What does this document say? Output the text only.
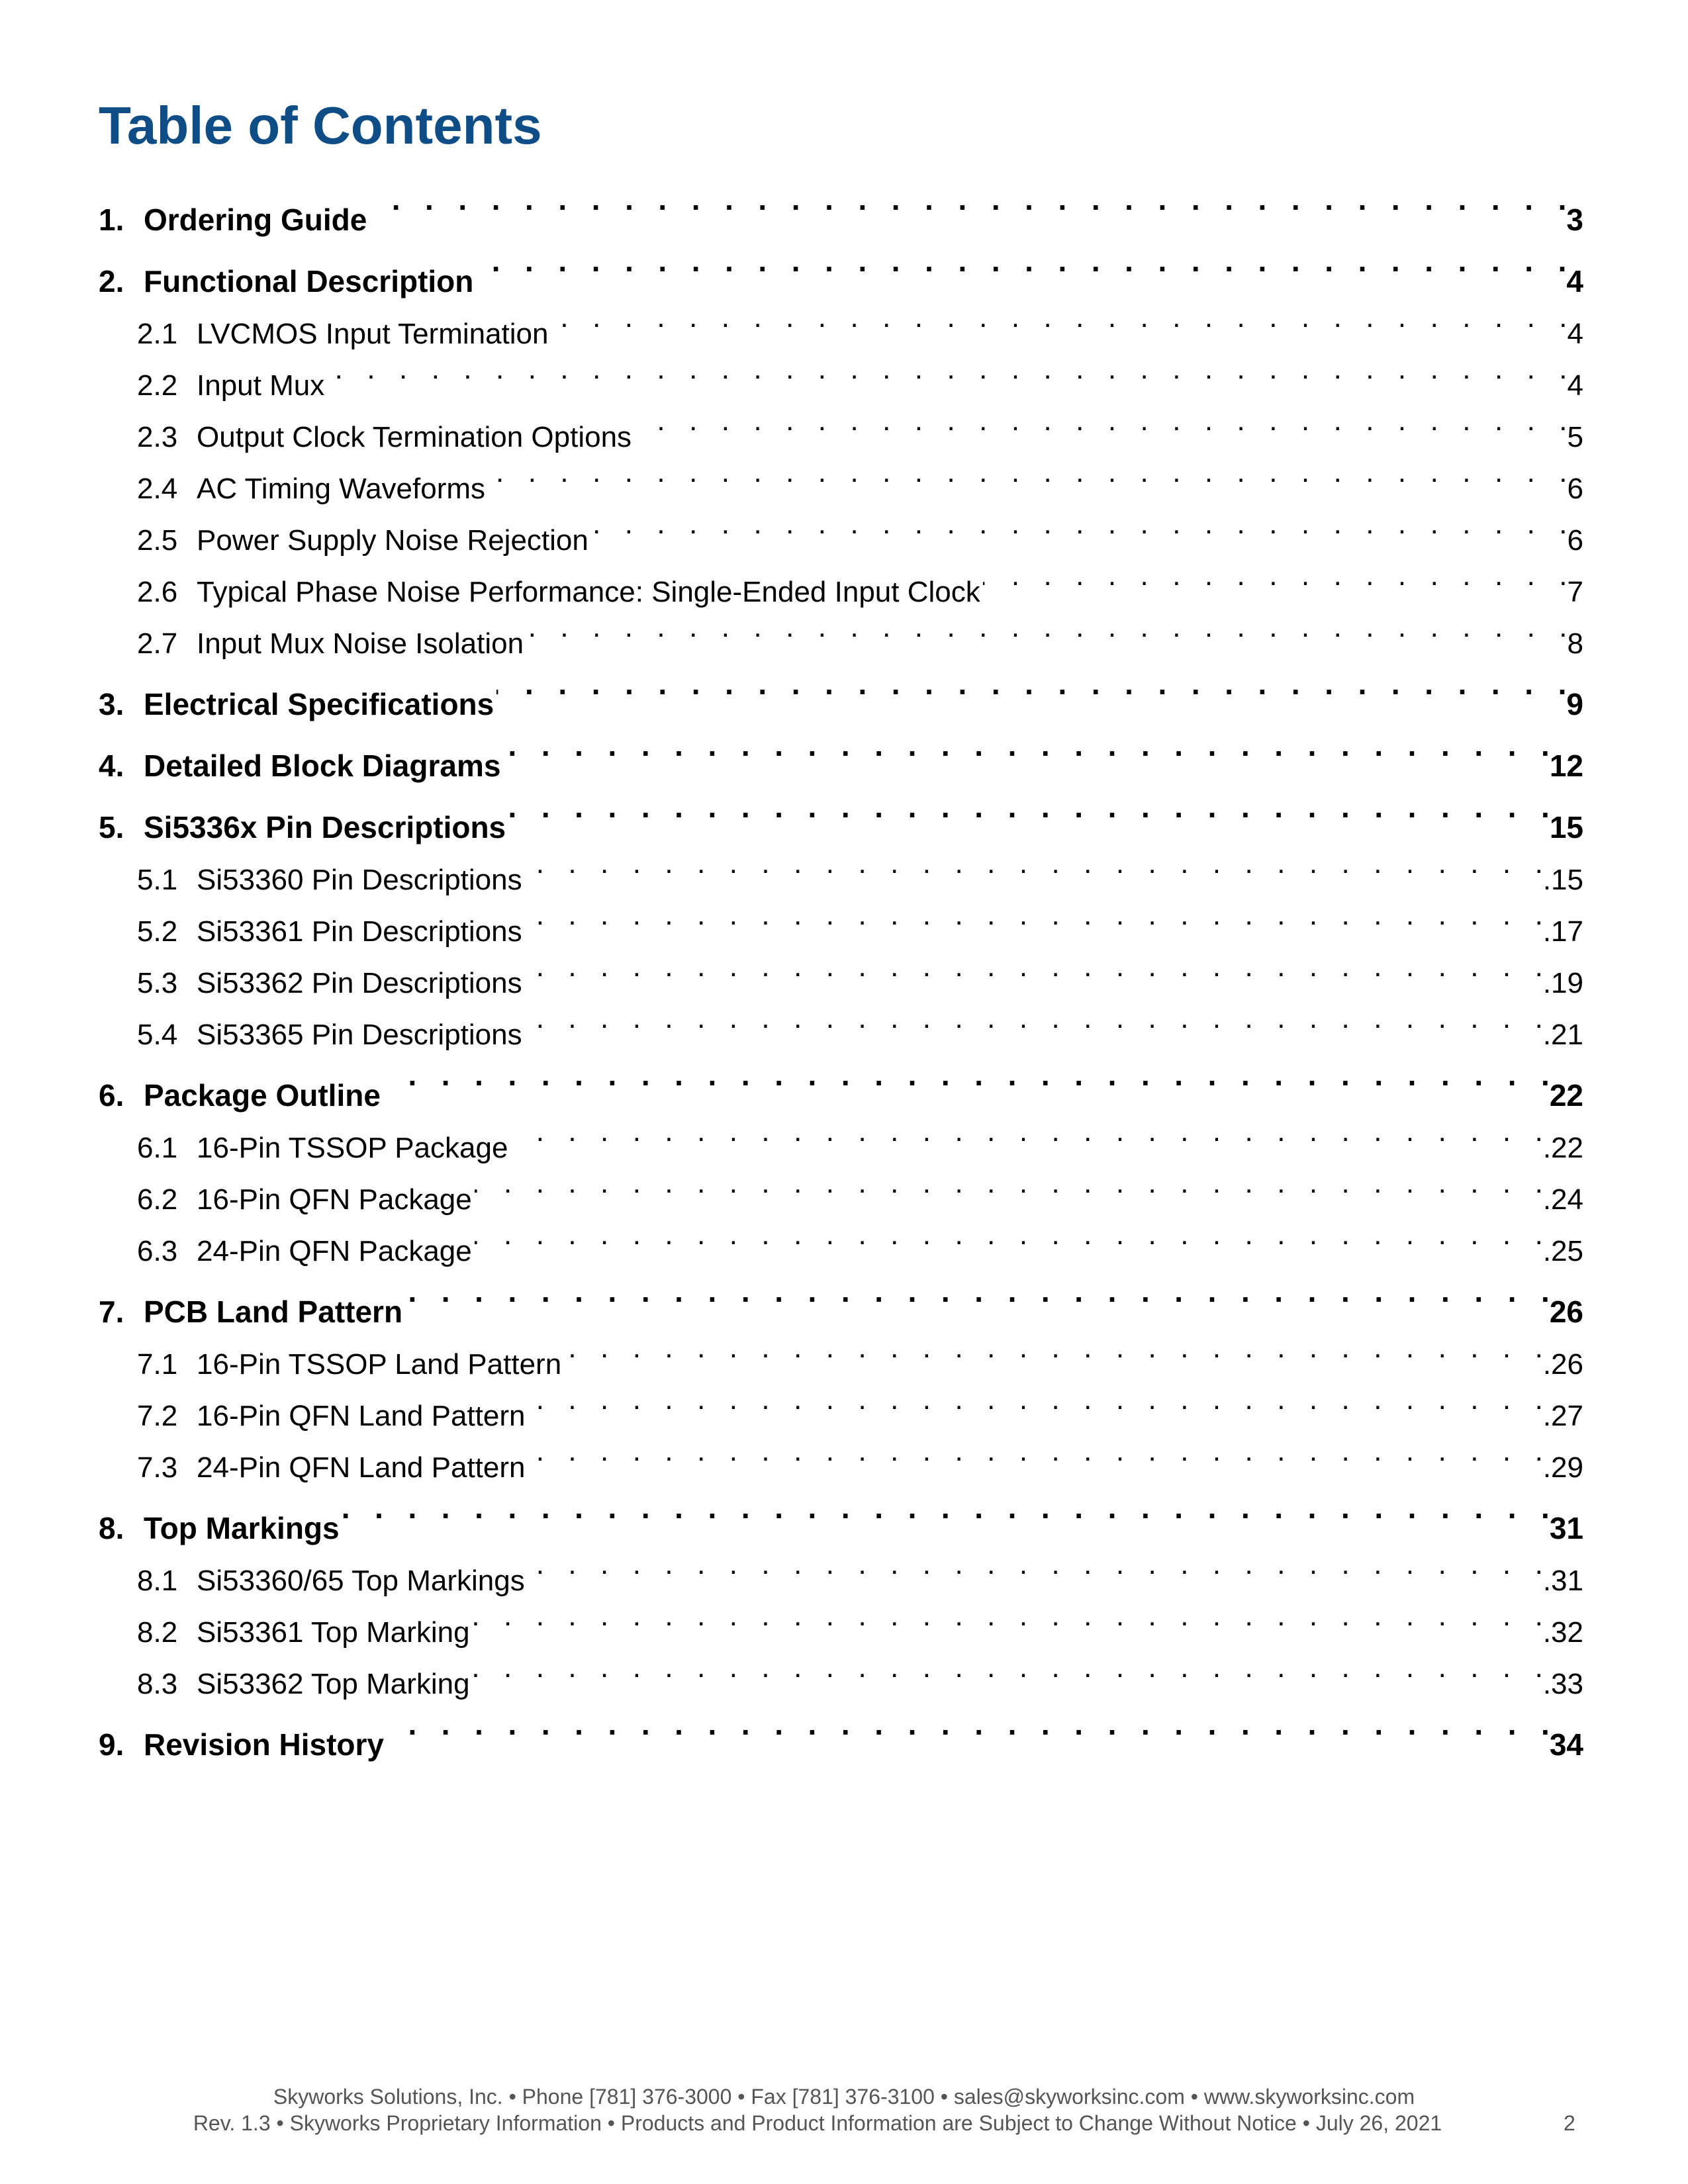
Table of Contents
1. Ordering Guide . .	3
2. Functional Description . .	4
2.1 LVCMOS Input Termination . .	4
2.2 Input Mux . .	4
2.3 Output Clock Termination Options . .	5
2.4 AC Timing Waveforms . .	6
2.5 Power Supply Noise Rejection . .	6
2.6 Typical Phase Noise Performance: Single-Ended Input Clock . .	7
2.7 Input Mux Noise Isolation . .	8
3. Electrical Specifications . .	9
4. Detailed Block Diagrams . .	12
5. Si5336x Pin Descriptions . .	15
5.1 Si53360 Pin Descriptions . .	.15
5.2 Si53361 Pin Descriptions . .	.17
5.3 Si53362 Pin Descriptions . .	.19
5.4 Si53365 Pin Descriptions . .	.21
6. Package Outline . .	22
6.1 16-Pin TSSOP Package . .	.22
6.2 16-Pin QFN Package . .	.24
6.3 24-Pin QFN Package . .	.25
7. PCB Land Pattern . .	26
7.1 16-Pin TSSOP Land Pattern . .	.26
7.2 16-Pin QFN Land Pattern . .	.27
7.3 24-Pin QFN Land Pattern . .	.29
8. Top Markings . .	31
8.1 Si53360/65 Top Markings . .	.31
8.2 Si53361 Top Marking . .	.32
8.3 Si53362 Top Marking . .	.33
9. Revision History . .	34
Skyworks Solutions, Inc. • Phone [781] 376-3000 • Fax [781] 376-3100 • sales@skyworksinc.com • www.skyworksinc.com
Rev. 1.3 • Skyworks Proprietary Information • Products and Product Information are Subject to Change Without Notice • July 26, 2021	2
